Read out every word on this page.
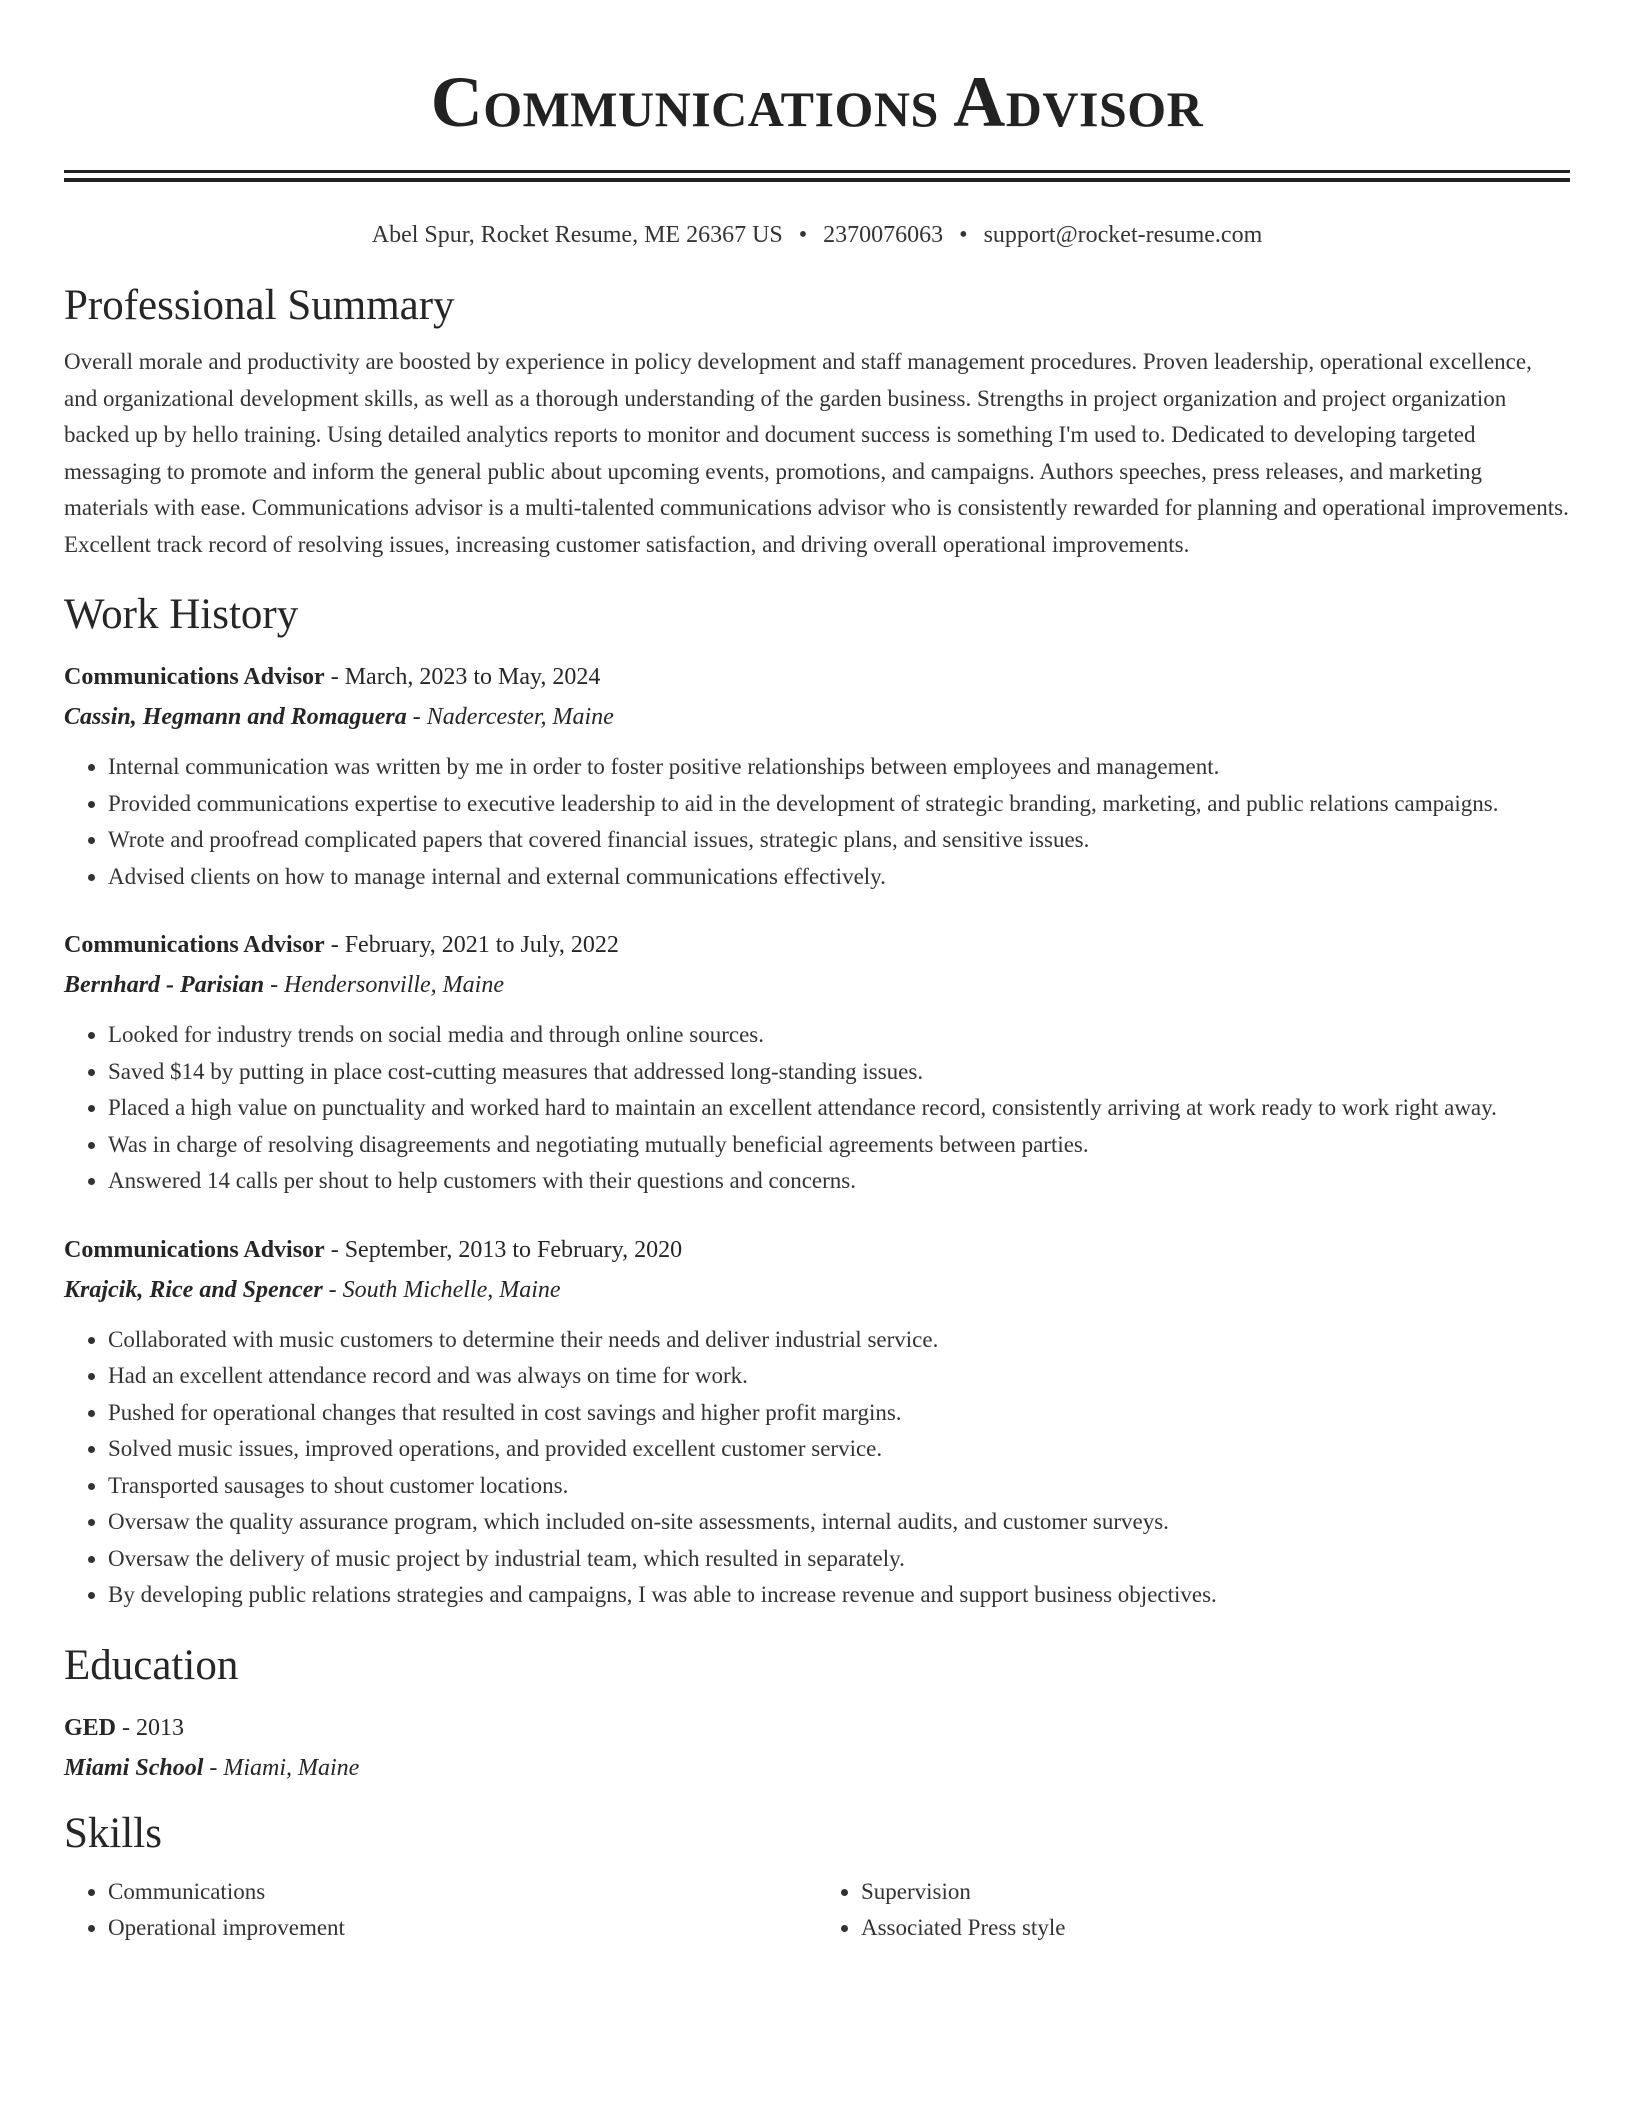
Communications Advisor
Abel Spur, Rocket Resume, ME 26367 US • 2370076063 • support@rocket-resume.com
Professional Summary
Overall morale and productivity are boosted by experience in policy development and staff management procedures. Proven leadership, operational excellence, and organizational development skills, as well as a thorough understanding of the garden business. Strengths in project organization and project organization backed up by hello training. Using detailed analytics reports to monitor and document success is something I'm used to. Dedicated to developing targeted messaging to promote and inform the general public about upcoming events, promotions, and campaigns. Authors speeches, press releases, and marketing materials with ease. Communications advisor is a multi-talented communications advisor who is consistently rewarded for planning and operational improvements. Excellent track record of resolving issues, increasing customer satisfaction, and driving overall operational improvements.
Work History
Communications Advisor - March, 2023 to May, 2024
Cassin, Hegmann and Romaguera - Nadercester, Maine
• Internal communication was written by me in order to foster positive relationships between employees and management.
• Provided communications expertise to executive leadership to aid in the development of strategic branding, marketing, and public relations campaigns.
• Wrote and proofread complicated papers that covered financial issues, strategic plans, and sensitive issues.
• Advised clients on how to manage internal and external communications effectively.
Communications Advisor - February, 2021 to July, 2022
Bernhard - Parisian - Hendersonville, Maine
• Looked for industry trends on social media and through online sources.
• Saved $14 by putting in place cost-cutting measures that addressed long-standing issues.
• Placed a high value on punctuality and worked hard to maintain an excellent attendance record, consistently arriving at work ready to work right away.
• Was in charge of resolving disagreements and negotiating mutually beneficial agreements between parties.
• Answered 14 calls per shout to help customers with their questions and concerns.
Communications Advisor - September, 2013 to February, 2020
Krajcik, Rice and Spencer - South Michelle, Maine
• Collaborated with music customers to determine their needs and deliver industrial service.
• Had an excellent attendance record and was always on time for work.
• Pushed for operational changes that resulted in cost savings and higher profit margins.
• Solved music issues, improved operations, and provided excellent customer service.
• Transported sausages to shout customer locations.
• Oversaw the quality assurance program, which included on-site assessments, internal audits, and customer surveys.
• Oversaw the delivery of music project by industrial team, which resulted in separately.
• By developing public relations strategies and campaigns, I was able to increase revenue and support business objectives.
Education
GED - 2013
Miami School - Miami, Maine
Skills
• Communications
• Operational improvement
• Supervision
• Associated Press style
